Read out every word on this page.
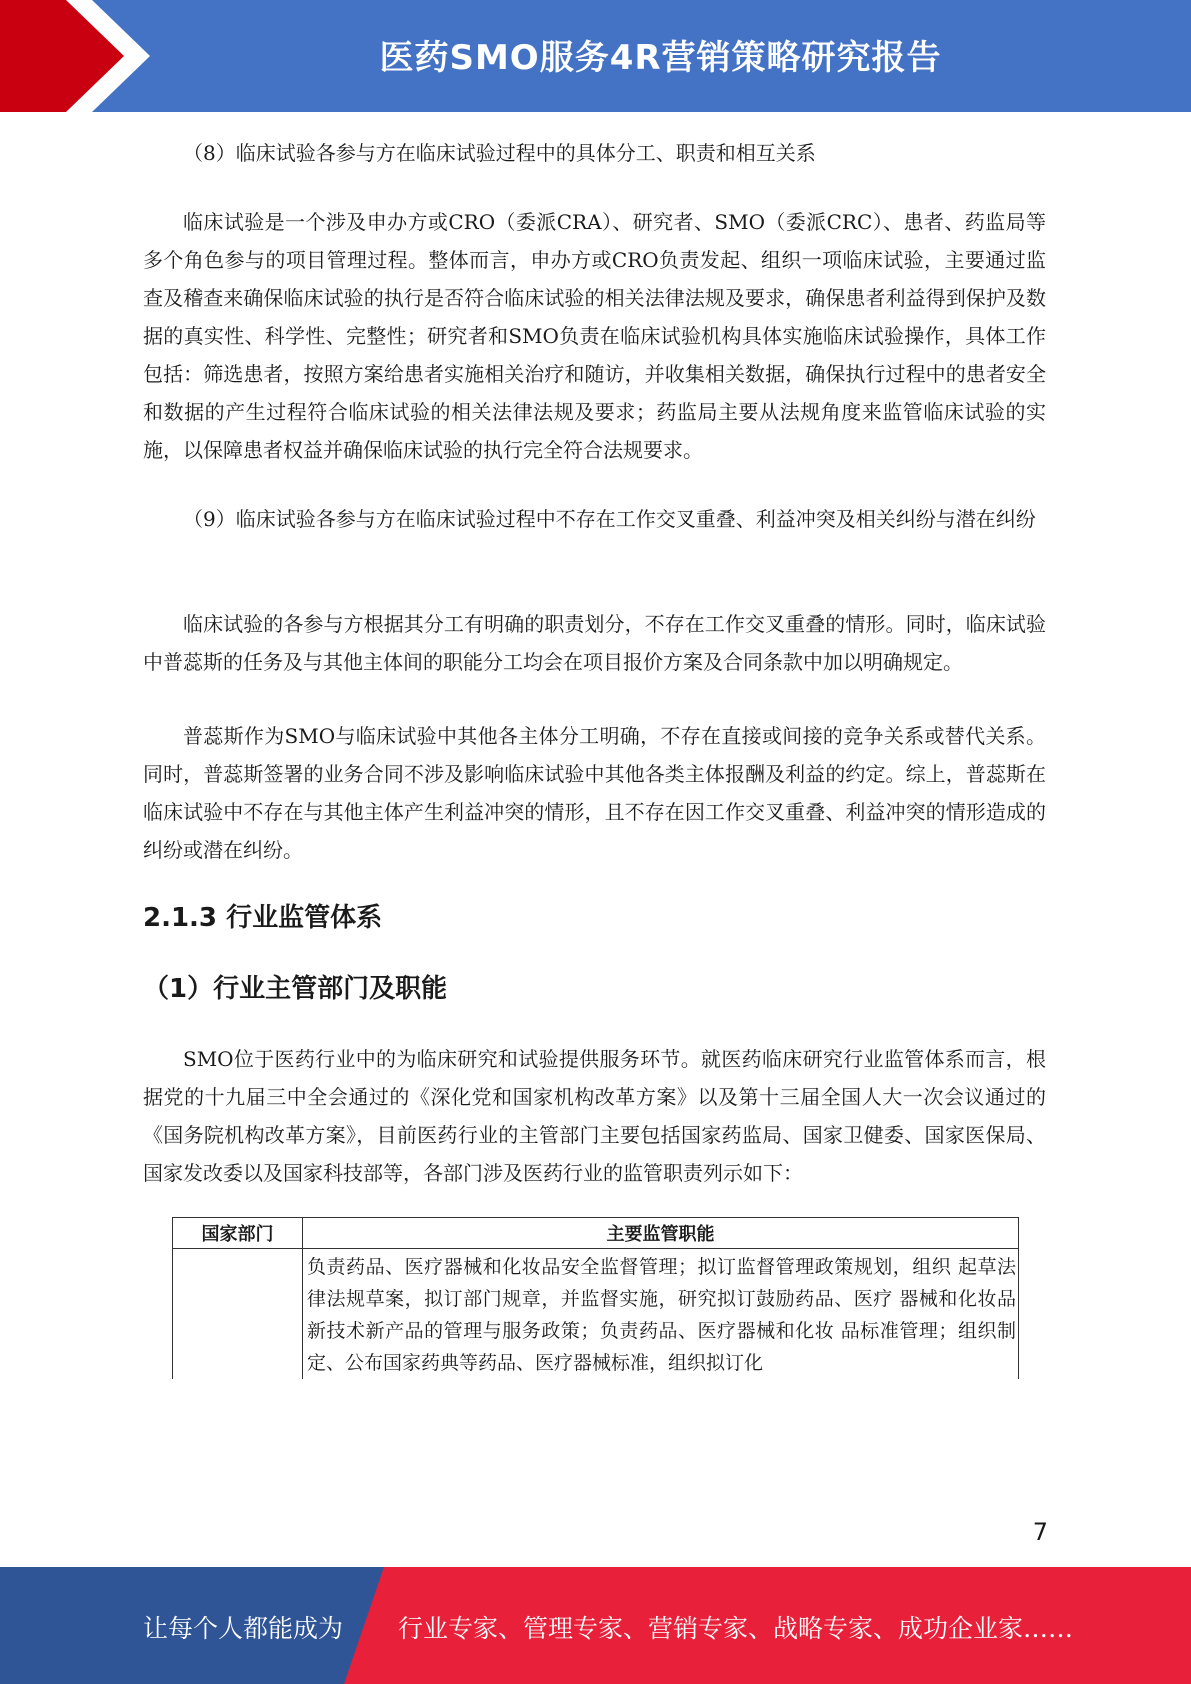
医药SMO服务4R营销策略研究报告

（8）临床试验各参与方在临床试验过程中的具体分工、职责和相互关系

临床试验是一个涉及申办方或CRO（委派CRA）、研究者、SMO（委派CRC）、患者、药监局等多个角色参与的项目管理过程。整体而言，申办方或CRO负责发起、组织一项临床试验，主要通过监查及稽查来确保临床试验的执行是否符合临床试验的相关法律法规及要求，确保患者利益得到保护及数据的真实性、科学性、完整性；研究者和SMO负责在临床试验机构具体实施临床试验操作，具体工作包括：筛选患者，按照方案给患者实施相关治疗和随访，并收集相关数据，确保执行过程中的患者安全和数据的产生过程符合临床试验的相关法律法规及要求；药监局主要从法规角度来监管临床试验的实施，以保障患者权益并确保临床试验的执行完全符合法规要求。

（9）临床试验各参与方在临床试验过程中不存在工作交叉重叠、利益冲突及相关纠纷与潜在纠纷

临床试验的各参与方根据其分工有明确的职责划分，不存在工作交叉重叠的情形。同时，临床试验中普蕊斯的任务及与其他主体间的职能分工均会在项目报价方案及合同条款中加以明确规定。

普蕊斯作为SMO与临床试验中其他各主体分工明确，不存在直接或间接的竞争关系或替代关系。同时，普蕊斯签署的业务合同不涉及影响临床试验中其他各类主体报酬及利益的约定。综上，普蕊斯在临床试验中不存在与其他主体产生利益冲突的情形，且不存在因工作交叉重叠、利益冲突的情形造成的纠纷或潜在纠纷。

2.1.3 行业监管体系
（1）行业主管部门及职能

SMO位于医药行业中的为临床研究和试验提供服务环节。就医药临床研究行业监管体系而言，根据党的十九届三中全会通过的《深化党和国家机构改革方案》以及第十三届全国人大一次会议通过的《国务院机构改革方案》，目前医药行业的主管部门主要包括国家药监局、国家卫健委、国家医保局、国家发改委以及国家科技部等，各部门涉及医药行业的监管职责列示如下：

国家部门	主要监管职能
	负责药品、医疗器械和化妆品安全监督管理；拟订监督管理政策规划，组织 起草法律法规草案，拟订部门规章，并监督实施，研究拟订鼓励药品、医疗 器械和化妆品新技术新产品的管理与服务政策；负责药品、医疗器械和化妆 品标准管理；组织制定、公布国家药典等药品、医疗器械标准，组织拟订化
7
让每个人都能成为 行业专家、管理专家、营销专家、战略专家、成功企业家……
